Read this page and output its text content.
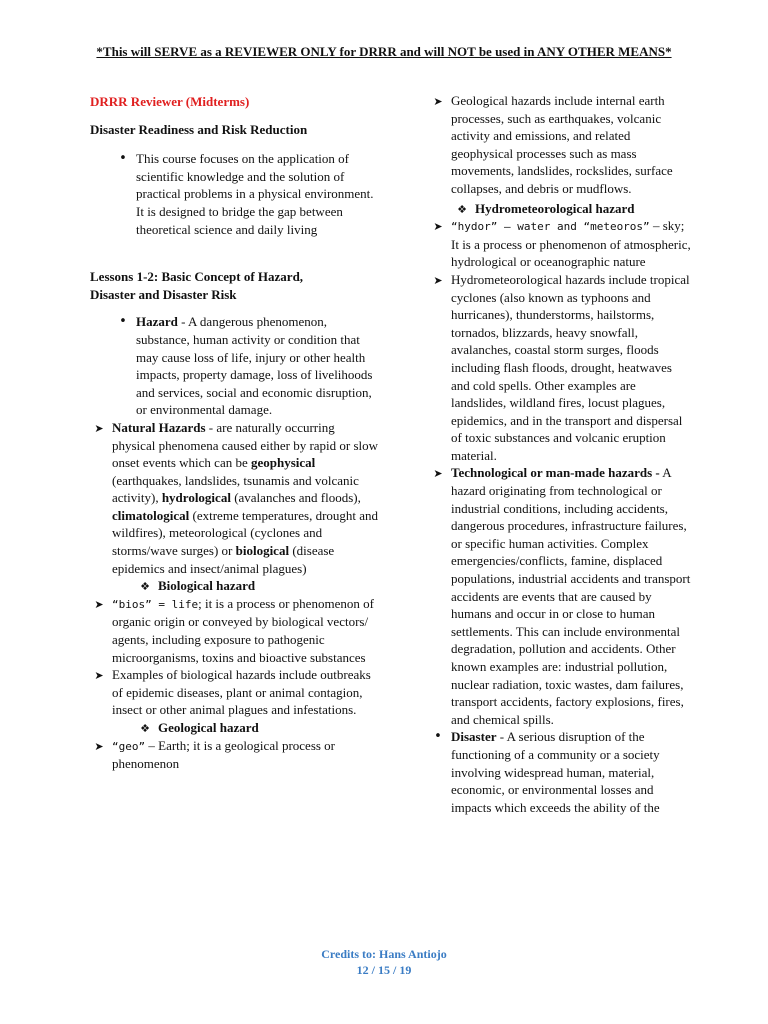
*This will SERVE as a REVIEWER ONLY for DRRR and will NOT be used in ANY OTHER MEANS*
DRRR Reviewer (Midterms)
Disaster Readiness and Risk Reduction
• This course focuses on the application of scientific knowledge and the solution of practical problems in a physical environment. It is designed to bridge the gap between theoretical science and daily living
Lessons 1-2: Basic Concept of Hazard,
Disaster and Disaster Risk
• Hazard - A dangerous phenomenon, substance, human activity or condition that may cause loss of life, injury or other health impacts, property damage, loss of livelihoods and services, social and economic disruption, or environmental damage.
➤ Natural Hazards - are naturally occurring physical phenomena caused either by rapid or slow onset events which can be geophysical (earthquakes, landslides, tsunamis and volcanic activity), hydrological (avalanches and floods), climatological (extreme temperatures, drought and wildfires), meteorological (cyclones and storms/wave surges) or biological (disease epidemics and insect/animal plagues)
❖ Biological hazard
➤ “bios” = life; it is a process or phenomenon of organic origin or conveyed by biological vectors/ agents, including exposure to pathogenic microorganisms, toxins and bioactive substances
➤ Examples of biological hazards include outbreaks of epidemic diseases, plant or animal contagion, insect or other animal plagues and infestations.
❖ Geological hazard
➤ “geo” – Earth; it is a geological process or phenomenon
➤ Geological hazards include internal earth processes, such as earthquakes, volcanic activity and emissions, and related geophysical processes such as mass movements, landslides, rockslides, surface collapses, and debris or mudflows.
❖ Hydrometeorological hazard
➤ “hydor” – water and “meteoros” – sky; It is a process or phenomenon of atmospheric, hydrological or oceanographic nature
➤ Hydrometeorological hazards include tropical cyclones (also known as typhoons and hurricanes), thunderstorms, hailstorms, tornados, blizzards, heavy snowfall, avalanches, coastal storm surges, floods including flash floods, drought, heatwaves and cold spells. Other examples are landslides, wildland fires, locust plagues, epidemics, and in the transport and dispersal of toxic substances and volcanic eruption material.
➤ Technological or man-made hazards - A hazard originating from technological or industrial conditions, including accidents, dangerous procedures, infrastructure failures, or specific human activities. Complex emergencies/conflicts, famine, displaced populations, industrial accidents and transport accidents are events that are caused by humans and occur in or close to human settlements. This can include environmental degradation, pollution and accidents. Other known examples are: industrial pollution, nuclear radiation, toxic wastes, dam failures, transport accidents, factory explosions, fires, and chemical spills.
• Disaster - A serious disruption of the functioning of a community or a society involving widespread human, material, economic, or environmental losses and impacts which exceeds the ability of the
Credits to: Hans Antiojo
12 / 15 / 19
